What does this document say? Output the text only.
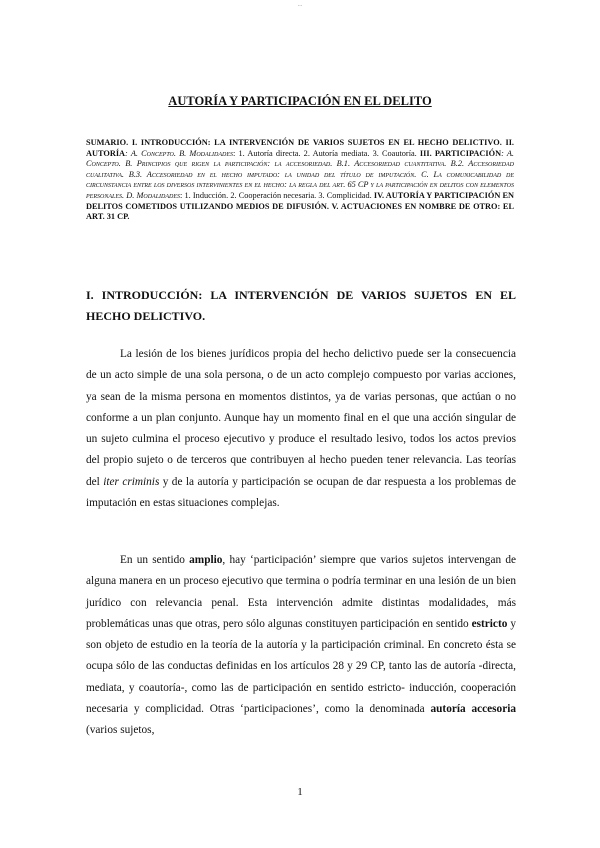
...
AUTORÍA Y PARTICIPACIÓN EN EL DELITO
SUMARIO. I. INTRODUCCIÓN: LA INTERVENCIÓN DE VARIOS SUJETOS EN EL HECHO DELICTIVO. II. AUTORÍA: A. Concepto. B. Modalidades: 1. Autoría directa. 2. Autoría mediata. 3. Coautoría. III. PARTICIPACIÓN: A. Concepto. B. Principios que rigen la participación: la accesoriedad. B.1. Accesoriedad cuantitativa. B.2. Accesoriedad cualitativa. B.3. Accesoriedad en el hecho imputado: la unidad del título de imputación. C. La comunicabilidad de circunstancia entre los diversos intervinientes en el hecho: la regla del art. 65 CP y la participación en delitos con elementos personales. D. Modalidades: 1. Inducción. 2. Cooperación necesaria. 3. Complicidad. IV. AUTORÍA Y PARTICIPACIÓN EN DELITOS COMETIDOS UTILIZANDO MEDIOS DE DIFUSIÓN. V. ACTUACIONES EN NOMBRE DE OTRO: EL ART. 31 CP.
I. INTRODUCCIÓN: LA INTERVENCIÓN DE VARIOS SUJETOS EN EL HECHO DELICTIVO.
La lesión de los bienes jurídicos propia del hecho delictivo puede ser la consecuencia de un acto simple de una sola persona, o de un acto complejo compuesto por varias acciones, ya sean de la misma persona en momentos distintos, ya de varias personas, que actúan o no conforme a un plan conjunto. Aunque hay un momento final en el que una acción singular de un sujeto culmina el proceso ejecutivo y produce el resultado lesivo, todos los actos previos del propio sujeto o de terceros que contribuyen al hecho pueden tener relevancia. Las teorías del iter criminis y de la autoría y participación se ocupan de dar respuesta a los problemas de imputación en estas situaciones complejas.
En un sentido amplio, hay ‘participación’ siempre que varios sujetos intervengan de alguna manera en un proceso ejecutivo que termina o podría terminar en una lesión de un bien jurídico con relevancia penal. Esta intervención admite distintas modalidades, más problemáticas unas que otras, pero sólo algunas constituyen participación en sentido estricto y son objeto de estudio en la teoría de la autoría y la participación criminal. En concreto ésta se ocupa sólo de las conductas definidas en los artículos 28 y 29 CP, tanto las de autoría -directa, mediata, y coautoría-, como las de participación en sentido estricto- inducción, cooperación necesaria y complicidad. Otras ‘participaciones’, como la denominada autoría accesoria (varios sujetos,
1
